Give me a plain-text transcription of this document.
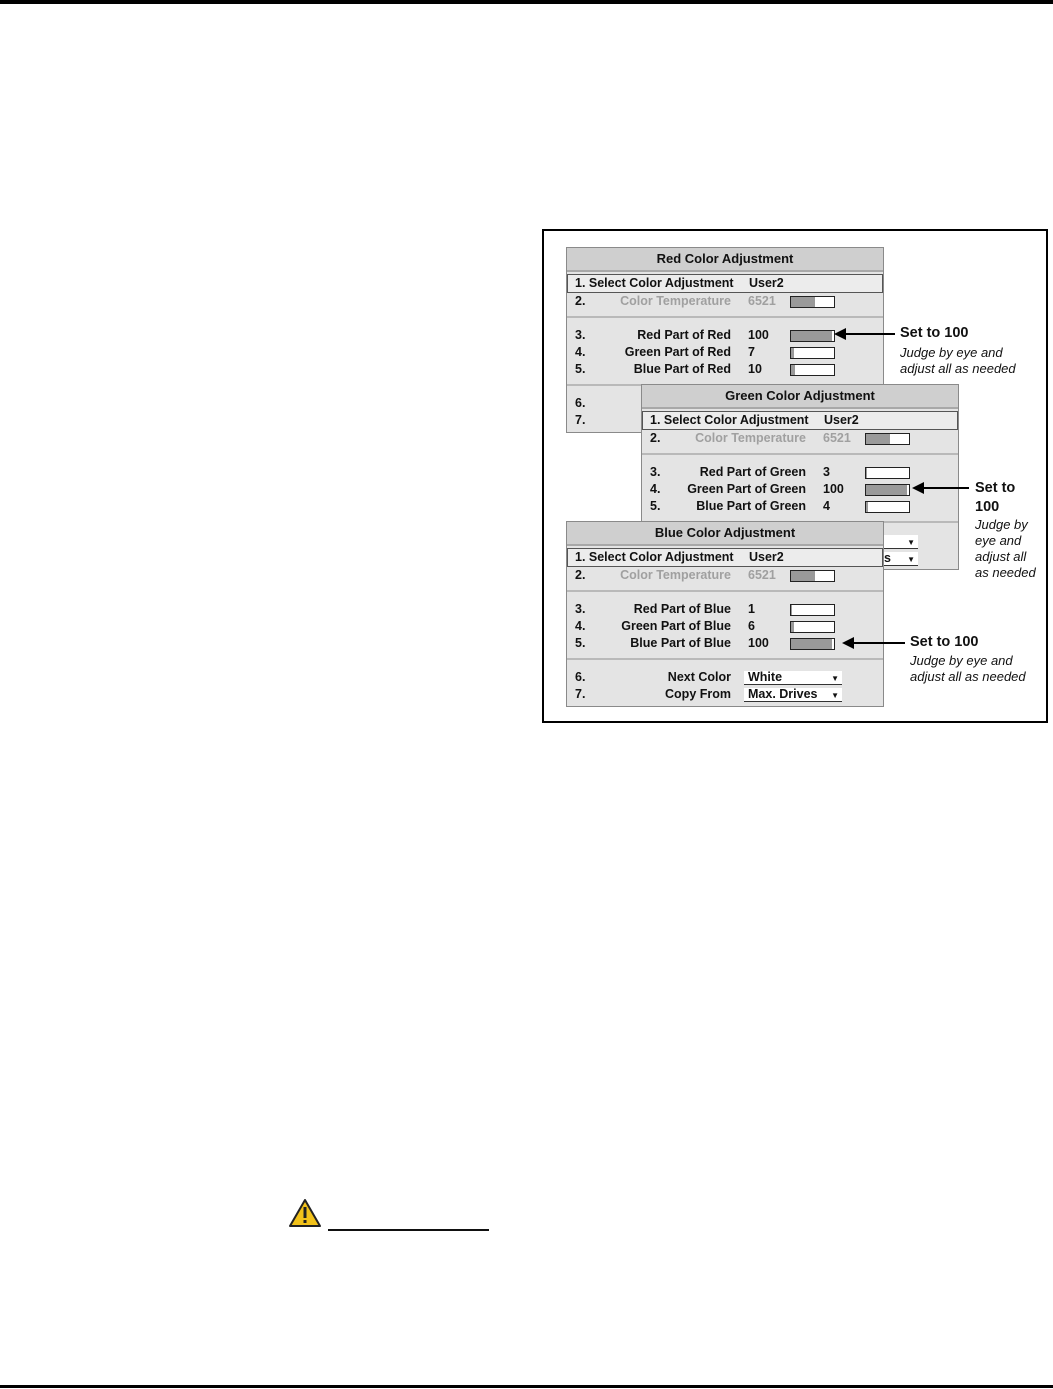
Red Color Adjustment
1. Select Color Adjustment User2
2.	Color Temperature 6521
3.	Red Part of Red 100
4.	Green Part of Red 7
5.	Blue Part of Red 10
6.
7.
Green Color Adjustment
1. Select Color Adjustment User2
2.	Color Temperature 6521
3.	Red Part of Green 3
4. Green Part of Green 100
5.	Blue Part of Green 4
▼
s ▼
Blue Color Adjustment
1. Select Color Adjustment User2
2.	Color Temperature 6521
3.	Red Part of Blue 1
4.	Green Part of Blue 6
5.	Blue Part of Blue 100
6.	Next Color	White	▼
7.	Copy From	Max. Drives ▼
Set to 100
Judge by eye and
adjust all as needed
Set to
100
Judge by
eye and
adjust all
as needed
Set to 100
Judge by eye and
adjust all as needed
